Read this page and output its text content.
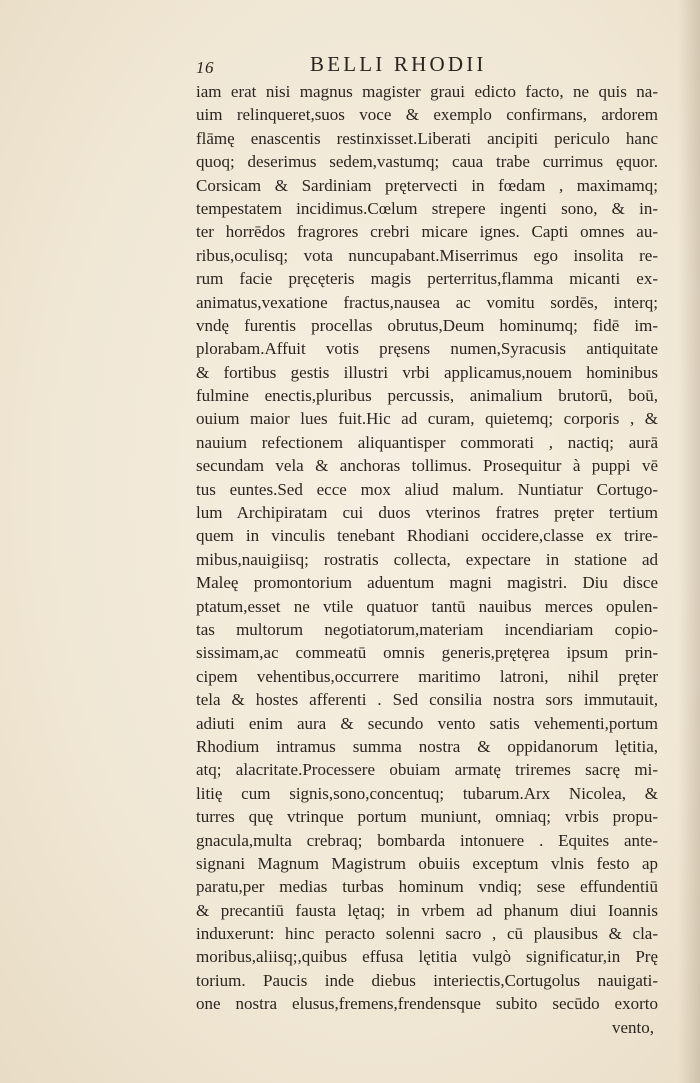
16	BELLI RHODII
iam erat nisi magnus magister graui edicto facto, ne quis na-
uim relinqueret,suos voce & exemplo confirmans, ardorem
flāmę enascentis restinxisset.Liberati ancipiti periculo hanc
quoq; deserimus sedem,vastumq; caua trabe currimus ęquor.
Corsicam & Sardiniam prętervecti in fœdam , maximamq;
tempestatem incidimus.Cœlum strepere ingenti sono, & in-
ter horrēdos fragrores crebri micare ignes. Capti omnes au-
ribus,oculisq; vota nuncupabant.Miserrimus ego insolita re-
rum facie pręcęteris magis perterritus,flamma micanti ex-
animatus,vexatione fractus,nausea ac vomitu sordēs, interq;
vndę furentis procellas obrutus,Deum hominumq; fidē im-
plorabam.Affuit votis pręsens numen,Syracusis antiquitate
& fortibus gestis illustri vrbi applicamus,nouem hominibus
fulmine enectis,pluribus percussis, animalium brutorū, boū,
ouium maior lues fuit.Hic ad curam, quietemq; corporis , &
nauium refectionem aliquantisper commorati , nactiq; aurā
secundam vela & anchoras tollimus. Prosequitur à puppi vē
tus euntes.Sed ecce mox aliud malum. Nuntiatur Cortugo-
lum Archipiratam cui duos vterinos fratres pręter tertium
quem in vinculis tenebant Rhodiani occidere,classe ex trire-
mibus,nauigiisq; rostratis collecta, expectare in statione ad
Maleę promontorium aduentum magni magistri. Diu disce
ptatum,esset ne vtile quatuor tantū nauibus merces opulen-
tas multorum negotiatorum,materiam incendiariam copio-
sissimam,ac commeatū omnis generis,prętęrea ipsum prin-
cipem vehentibus,occurrere maritimo latroni, nihil pręter
tela & hostes afferenti . Sed consilia nostra sors immutauit,
adiuti enim aura & secundo vento satis vehementi,portum
Rhodium intramus summa nostra & oppidanorum lętitia,
atq; alacritate.Processere obuiam armatę triremes sacrę mi-
litię cum signis,sono,concentuq; tubarum.Arx Nicolea, &
turres quę vtrinque portum muniunt, omniaq; vrbis propu-
gnacula,multa crebraq; bombarda intonuere . Equites ante-
signani Magnum Magistrum obuiis exceptum vlnis festo ap
paratu,per medias turbas hominum vndiq; sese effundentiū
& precantiū fausta lętaq; in vrbem ad phanum diui Ioannis
induxerunt: hinc peracto solenni sacro , cū plausibus & cla-
moribus,aliisq;,quibus effusa lętitia vulgò significatur,in Prę
torium. Paucis inde diebus interiectis,Cortugolus nauigati-
one nostra elusus,fremens,frendensque subito secūdo exorto
vento,
